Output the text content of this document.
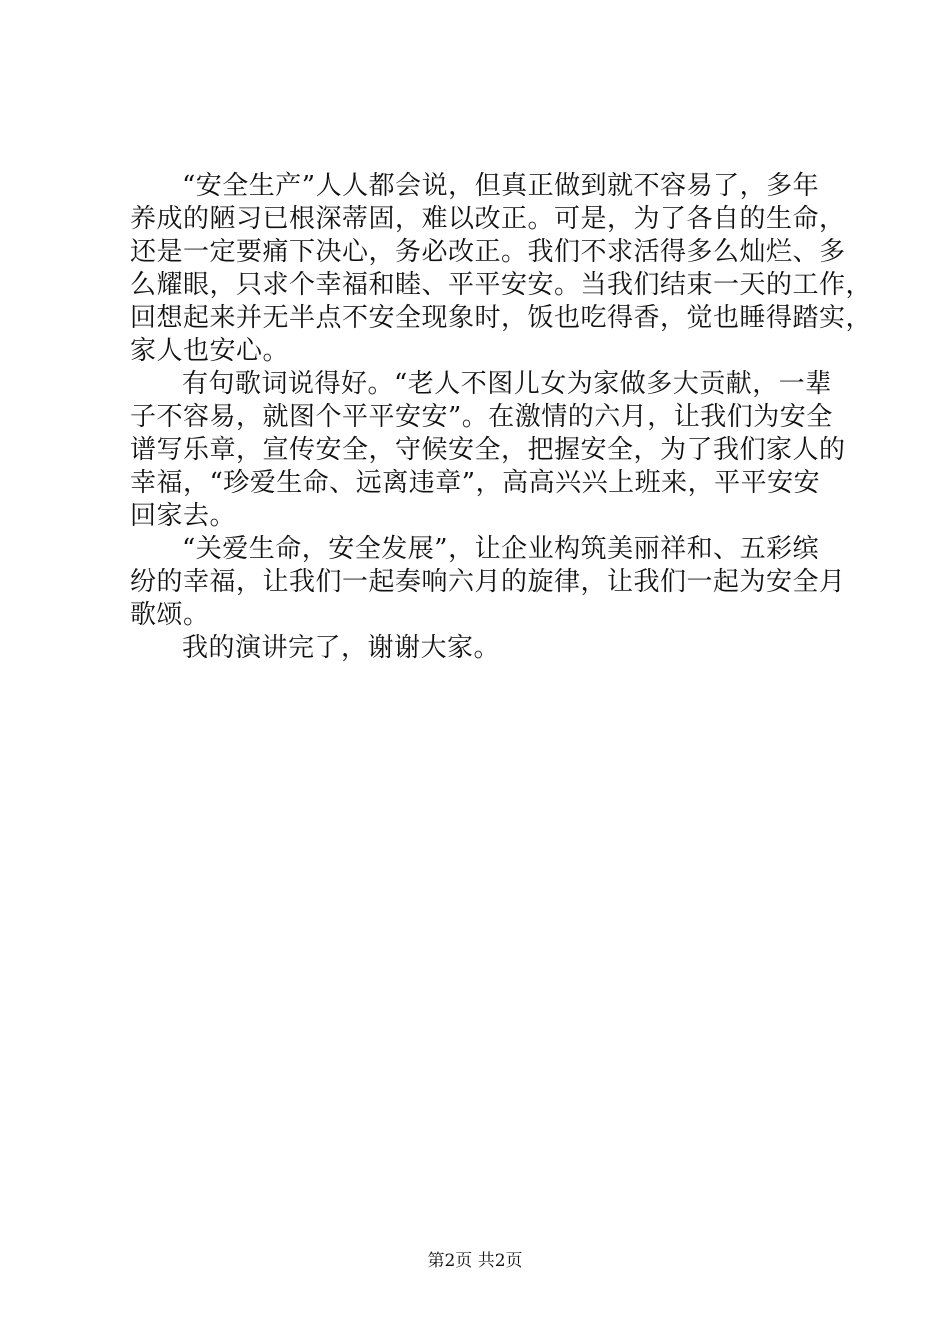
“安全生产”人人都会说，但真正做到就不容易了，多年
养成的陋习已根深蒂固，难以改正。可是，为了各自的生命，
还是一定要痛下决心，务必改正。我们不求活得多么灿烂、多
么耀眼，只求个幸福和睦、平平安安。当我们结束一天的工作，
回想起来并无半点不安全现象时，饭也吃得香，觉也睡得踏实，
家人也安心。
有句歌词说得好。“老人不图儿女为家做多大贡献，一辈
子不容易，就图个平平安安”。在激情的六月，让我们为安全
谱写乐章，宣传安全，守候安全，把握安全，为了我们家人的
幸福，“珍爱生命、远离违章”，高高兴兴上班来，平平安安
回家去。
“关爱生命，安全发展”，让企业构筑美丽祥和、五彩缤
纷的幸福，让我们一起奏响六月的旋律，让我们一起为安全月
歌颂。
我的演讲完了，谢谢大家。
第2页 共2页
